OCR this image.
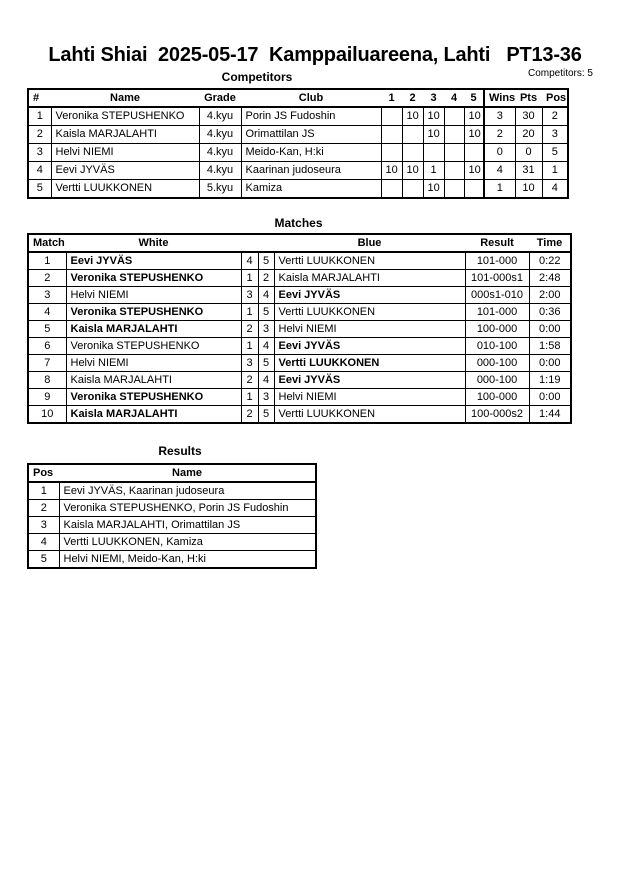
Lahti Shiai  2025-05-17  Kamppailuareena, Lahti   PT13-36
Competitors	Competitors: 5
#	Name	Grade	Club	1	2	3	4	5	Wins	Pts	Pos
1	Veronika STEPUSHENKO	4.kyu	Porin JS Fudoshin		10	10		10	3	30	2
2	Kaisla MARJALAHTI	4.kyu	Orimattilan JS			10		10	2	20	3
3	Helvi NIEMI	4.kyu	Meido-Kan, H:ki						0	0	5
4	Eevi JYVÄS	4.kyu	Kaarinan judoseura	10	10	1		10	4	31	1
5	Vertti LUUKKONEN	5.kyu	Kamiza			10			1	10	4
Matches
Match	White			Blue	Result	Time
1	Eevi JYVÄS	4	5	Vertti LUUKKONEN	101-000	0:22
2	Veronika STEPUSHENKO	1	2	Kaisla MARJALAHTI	101-000s1	2:48
3	Helvi NIEMI	3	4	Eevi JYVÄS	000s1-010	2:00
4	Veronika STEPUSHENKO	1	5	Vertti LUUKKONEN	101-000	0:36
5	Kaisla MARJALAHTI	2	3	Helvi NIEMI	100-000	0:00
6	Veronika STEPUSHENKO	1	4	Eevi JYVÄS	010-100	1:58
7	Helvi NIEMI	3	5	Vertti LUUKKONEN	000-100	0:00
8	Kaisla MARJALAHTI	2	4	Eevi JYVÄS	000-100	1:19
9	Veronika STEPUSHENKO	1	3	Helvi NIEMI	100-000	0:00
10	Kaisla MARJALAHTI	2	5	Vertti LUUKKONEN	100-000s2	1:44
Results
Pos	Name
1	Eevi JYVÄS, Kaarinan judoseura
2	Veronika STEPUSHENKO, Porin JS Fudoshin
3	Kaisla MARJALAHTI, Orimattilan JS
4	Vertti LUUKKONEN, Kamiza
5	Helvi NIEMI, Meido-Kan, H:ki
